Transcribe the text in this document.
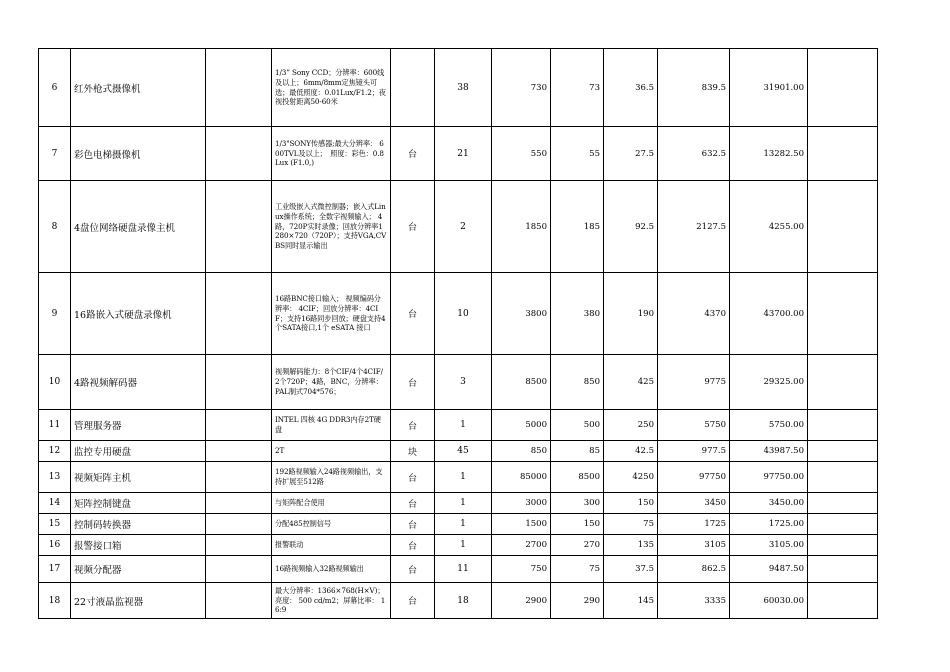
6	红外枪式摄像机		1/3” Sony CCD；分辨率：600线及以上；6mm/8mm定焦镜头可选；最低照度：0.01Lux/F1.2；夜视投射距离50-60米		38	730	73	36.5	839.5	31901.00	
7	彩色电梯摄像机		1/3"SONY传感器;最大分辨率： 600TVL及以上；　照度：彩色：0.8Lux (F1.0,)	台	21	550	55	27.5	632.5	13282.50	
8	4盘位网络硬盘录像主机		工业级嵌入式微控制器；嵌入式Linux操作系统；全数字视频输入； 4路，720P实时录像；回放分辨率1280×720（720P）；支持VGA,CVBS同时显示输出	台	2	1850	185	92.5	2127.5	4255.00	
9	16路嵌入式硬盘录像机		16路BNC接口输入； 视频编码分辨率： 4CIF；回放分辨率：4CIF；支持16路同步回放；硬盘支持4个SATA接口,1个 eSATA 接口	台	10	3800	380	190	4370	43700.00	
10	4路视频解码器		视频解码能力：8个CIF/4个4CIF/2个720P；4路，BNC，分辨率：PAL制式704*576；	台	3	8500	850	425	9775	29325.00	
11	管理服务器		INTEL 四核 4G DDR3内存2T硬盘	台	1	5000	500	250	5750	5750.00	
12	监控专用硬盘		2T	块	45	850	85	42.5	977.5	43987.50	
13	视频矩阵主机		192路视频输入24路视频输出，支持扩展至512路	台	1	85000	8500	4250	97750	97750.00	
14	矩阵控制键盘		与矩阵配合使用	台	1	3000	300	150	3450	3450.00	
15	控制码转换器		分配485控制信号	台	1	1500	150	75	1725	1725.00	
16	报警接口箱		报警联动	台	1	2700	270	135	3105	3105.00	
17	视频分配器		16路视频输入32路视频输出	台	11	750	75	37.5	862.5	9487.50	
18	22寸液晶监视器		最大分辨率：1366×768(H×V)；亮度： 500 cd/m2；屏幕比率： 16:9	台	18	2900	290	145	3335	60030.00	
